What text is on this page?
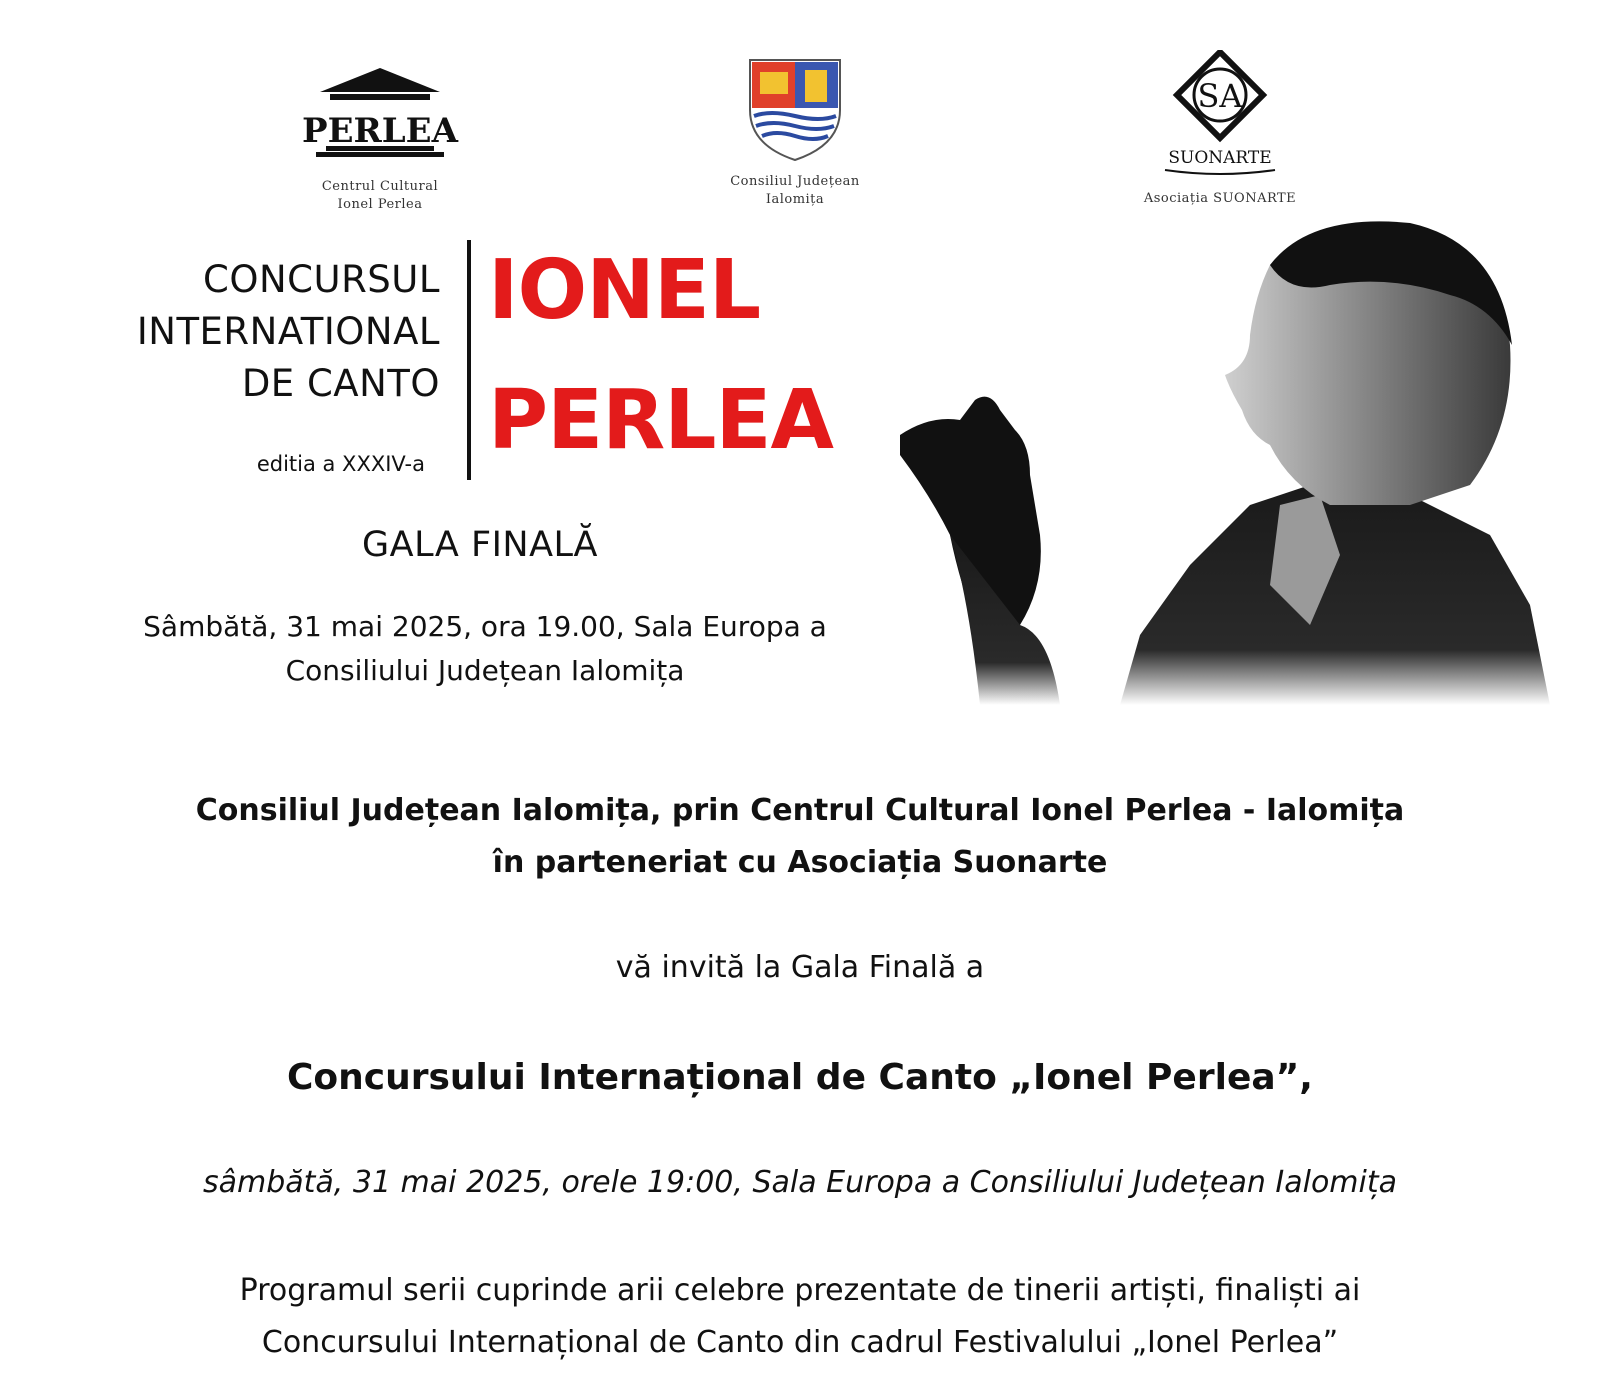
PERLEA
Centrul Cultural
Ionel Perlea
Consiliul Județean
Ialomița
SA
SUONARTE
Asociația SUONARTE
CONCURSUL
INTERNATIONAL
DE CANTO
editia a XXXIV-a
IONEL
PERLEA
GALA FINALĂ
Sâmbătă, 31 mai 2025, ora 19.00, Sala Europa a
Consiliului Județean Ialomița
Consiliul Județean Ialomița, prin Centrul Cultural Ionel Perlea - Ialomița
în parteneriat cu Asociația Suonarte
vă invită la Gala Finală a
Concursului Internațional de Canto „Ionel Perlea”,
sâmbătă, 31 mai 2025, orele 19:00, Sala Europa a Consiliului Județean Ialomița
Programul serii cuprinde arii celebre prezentate de tinerii artiști, finaliști ai
Concursului Internațional de Canto din cadrul Festivalului „Ionel Perlea”
